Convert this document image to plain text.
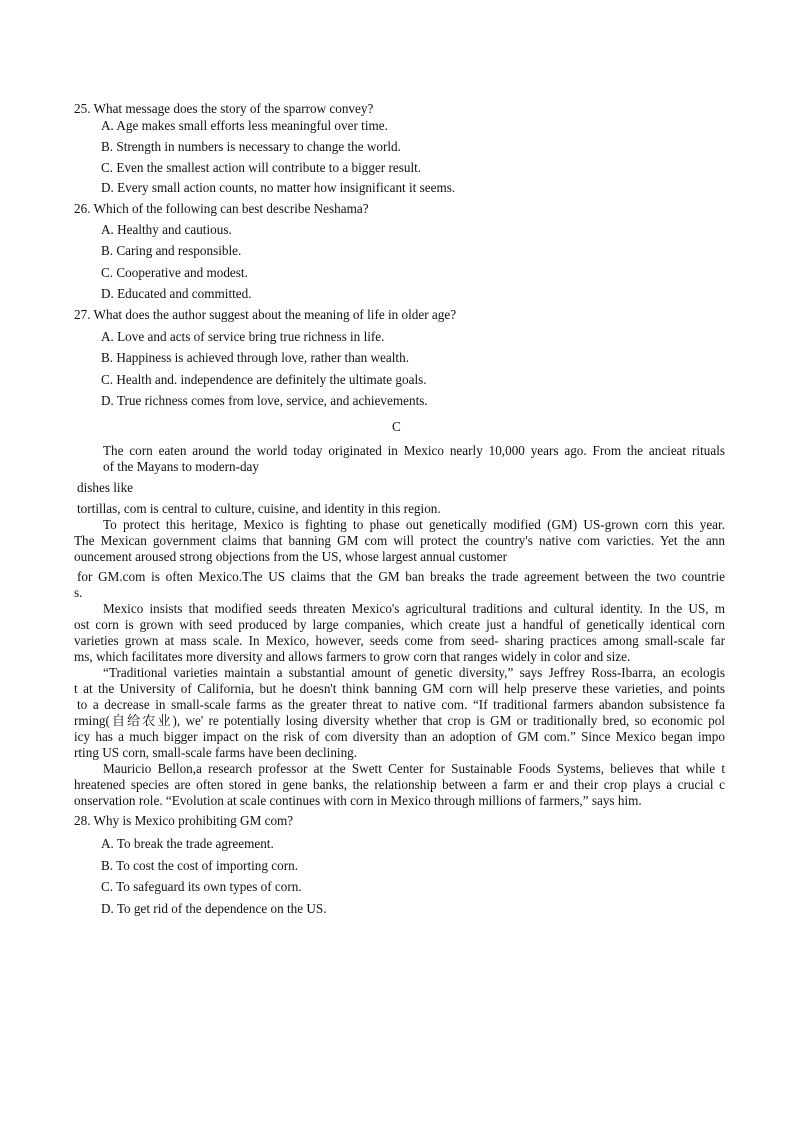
25. What message does the story of the sparrow convey?
A. Age makes small efforts less meaningful over time.
B. Strength in numbers is necessary to change the world.
C. Even the smallest action will contribute to a bigger result.
D. Every small action counts, no matter how insignificant it seems.
26. Which of the following can best describe Neshama?
A. Healthy and cautious.
B. Caring and responsible.
C. Cooperative and modest.
D. Educated and committed.
27. What does the author suggest about the meaning of life in older age?
A. Love and acts of service bring true richness in life.
B. Happiness is achieved through love, rather than wealth.
C. Health and. independence are definitely the ultimate goals.
D. True richness comes from love, service, and achievements.
C
The corn eaten around the world today originated in Mexico nearly 10,000 years ago. From the ancieat rituals
of the Mayans to modern-day
dishes like
tortillas, com is central to culture, cuisine, and identity in this region.
To protect this heritage, Mexico is fighting to phase out genetically modified (GM) US-grown corn this year.
The Mexican government claims that banning GM com will protect the country's native com varicties. Yet the ann
ouncement aroused strong objections from the US, whose largest annual customer
for GM.com is often Mexico.The US claims that the GM ban breaks the trade agreement between the two countrie
s.
Mexico insists that modified seeds threaten Mexico's agricultural traditions and cultural identity. In the US, m
ost corn is grown with seed produced by large companies, which create just a handful of genetically identical corn
varieties grown at mass scale. In Mexico, however, seeds come from seed- sharing practices among small-scale far
ms, which facilitates more diversity and allows farmers to grow corn that ranges widely in color and size.
“Traditional varieties maintain a substantial amount of genetic diversity,” says Jeffrey Ross-Ibarra, an ecologis
t at the University of California, but he doesn't think banning GM corn will help preserve these varieties, and points
to a decrease in small-scale farms as the greater threat to native com. “If traditional farmers abandon subsistence fa
rming(自给农业), we' re potentially losing diversity whether that crop is GM or traditionally bred, so economic pol
icy has a much bigger impact on the risk of com diversity than an adoption of GM com.” Since Mexico began impo
rting US corn, small-scale farms have been declining.
Mauricio Bellon,a research professor at the Swett Center for Sustainable Foods Systems, believes that while t
hreatened species are often stored in gene banks, the relationship between a farm er and their crop plays a crucial c
onservation role. “Evolution at scale continues with corn in Mexico through millions of farmers,” says him.
28. Why is Mexico prohibiting GM com?
A. To break the trade agreement.
B. To cost the cost of importing corn.
C. To safeguard its own types of corn.
D. To get rid of the dependence on the US.
